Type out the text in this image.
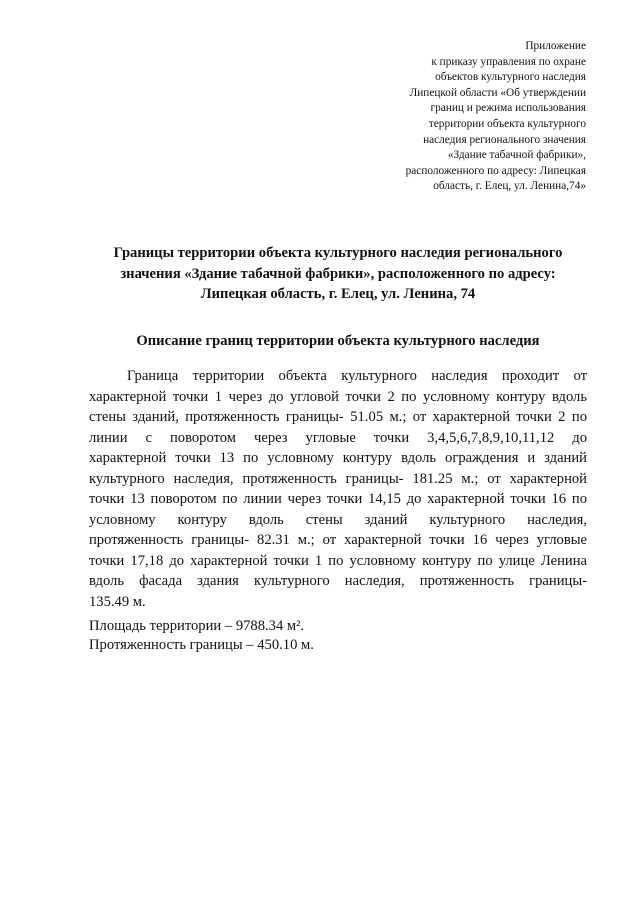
Приложение
к приказу управления по охране
объектов культурного наследия
Липецкой области «Об утверждении
границ и режима использования
территории объекта культурного
наследия регионального значения
«Здание табачной фабрики»,
расположенного по адресу: Липецкая
область, г. Елец, ул. Ленина,74»
Границы территории объекта культурного наследия регионального
значения «Здание табачной фабрики», расположенного по адресу:
Липецкая область, г. Елец, ул. Ленина, 74
Описание границ территории объекта культурного наследия
Граница территории объекта культурного наследия проходит от
характерной точки 1 через до угловой точки 2 по условному контуру вдоль
стены зданий, протяженность границы- 51.05 м.; от характерной точки 2 по
линии с поворотом через угловые точки 3,4,5,6,7,8,9,10,11,12 до
характерной точки 13 по условному контуру вдоль ограждения и зданий
культурного наследия, протяженность границы- 181.25 м.; от характерной
точки 13 поворотом по линии через точки 14,15 до характерной точки 16 по
условному контуру вдоль стены зданий культурного наследия,
протяженность границы- 82.31 м.; от характерной точки 16 через угловые
точки 17,18 до характерной точки 1 по условному контуру по улице Ленина
вдоль фасада здания культурного наследия, протяженность границы-
135.49 м.
Площадь территории – 9788.34 м².
Протяженность границы – 450.10 м.
